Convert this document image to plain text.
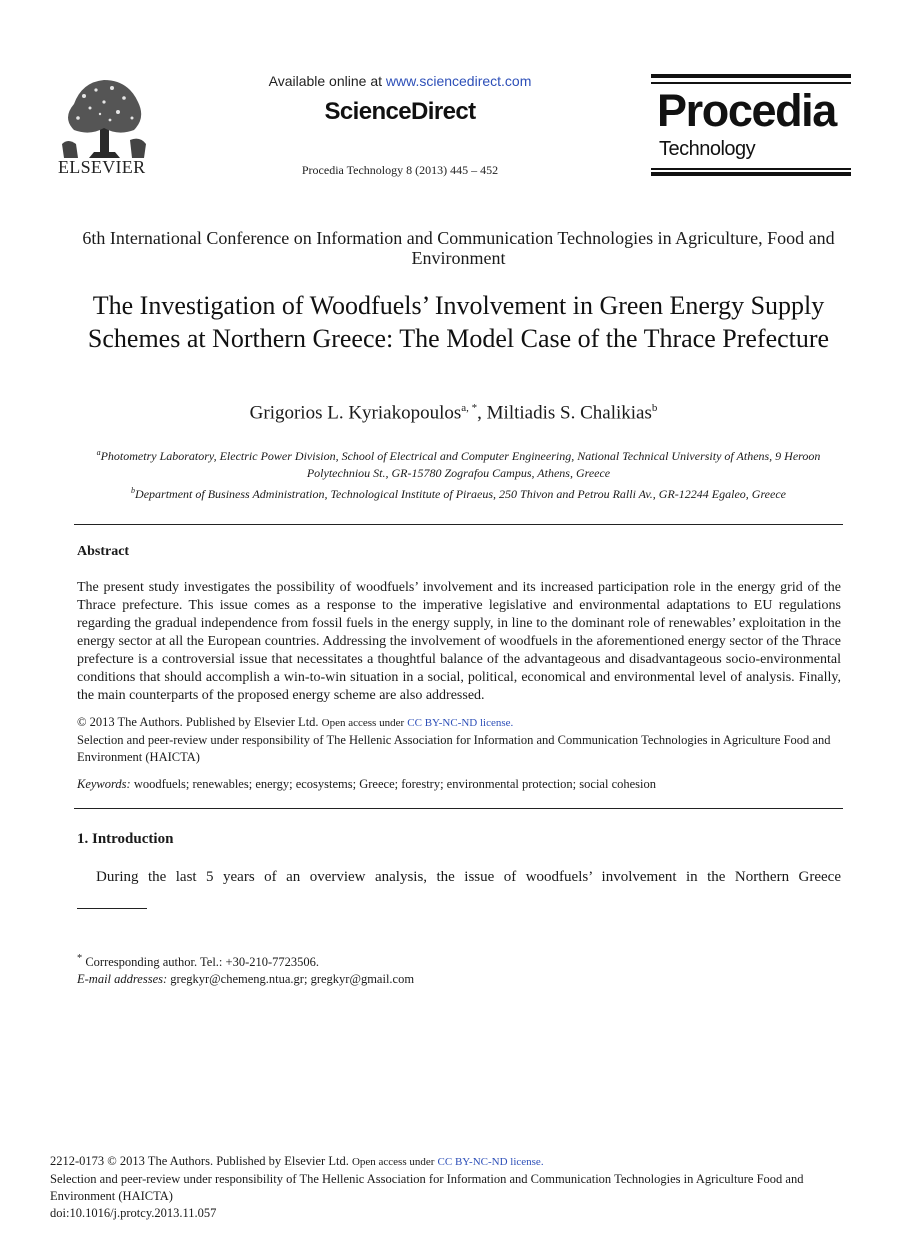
ELSEVIER
Available online at www.sciencedirect.com
ScienceDirect
Procedia Technology 8 (2013) 445 – 452
Procedia
Technology
6th International Conference on Information and Communication Technologies in Agriculture, Food and Environment
The Investigation of Woodfuels’ Involvement in Green Energy Supply Schemes at Northern Greece: The Model Case of the Thrace Prefecture
Grigorios L. Kyriakopoulos$^{a, *}$, Miltiadis S. Chalikias$^b$
$^a$Photometry Laboratory, Electric Power Division, School of Electrical and Computer Engineering, National Technical University of Athens, 9 Heroon Polytechniou St., GR-15780 Zografou Campus, Athens, Greece
$^b$Department of Business Administration, Technological Institute of Piraeus, 250 Thivon and Petrou Ralli Av., GR-12244 Egaleo, Greece
Abstract
The present study investigates the possibility of woodfuels’ involvement and its increased participation role in the energy grid of the Thrace prefecture. This issue comes as a response to the imperative legislative and environmental adaptations to EU regulations regarding the gradual independence from fossil fuels in the energy supply, in line to the dominant role of renewables’ exploitation in the energy sector at all the European countries. Addressing the involvement of woodfuels in the aforementioned energy sector of the Thrace prefecture is a controversial issue that necessitates a thoughtful balance of the advantageous and disadvantageous socio-environmental conditions that should accomplish a win-to-win situation in a social, political, economical and environmental level of analysis. Finally, the main counterparts of the proposed energy scheme are also addressed.
© 2013 The Authors. Published by Elsevier Ltd. Open access under CC BY-NC-ND license.
Selection and peer-review under responsibility of The Hellenic Association for Information and Communication Technologies in Agriculture Food and Environment (HAICTA)
Keywords: woodfuels; renewables; energy; ecosystems; Greece; forestry; environmental protection; social cohesion
1. Introduction
During the last 5 years of an overview analysis, the issue of woodfuels’ involvement in the Northern Greece
* Corresponding author. Tel.: +30-210-7723506.
E-mail addresses: gregkyr@chemeng.ntua.gr; gregkyr@gmail.com
2212-0173 © 2013 The Authors. Published by Elsevier Ltd. Open access under CC BY-NC-ND license.
Selection and peer-review under responsibility of The Hellenic Association for Information and Communication Technologies in Agriculture Food and Environment (HAICTA)
doi:10.1016/j.protcy.2013.11.057
